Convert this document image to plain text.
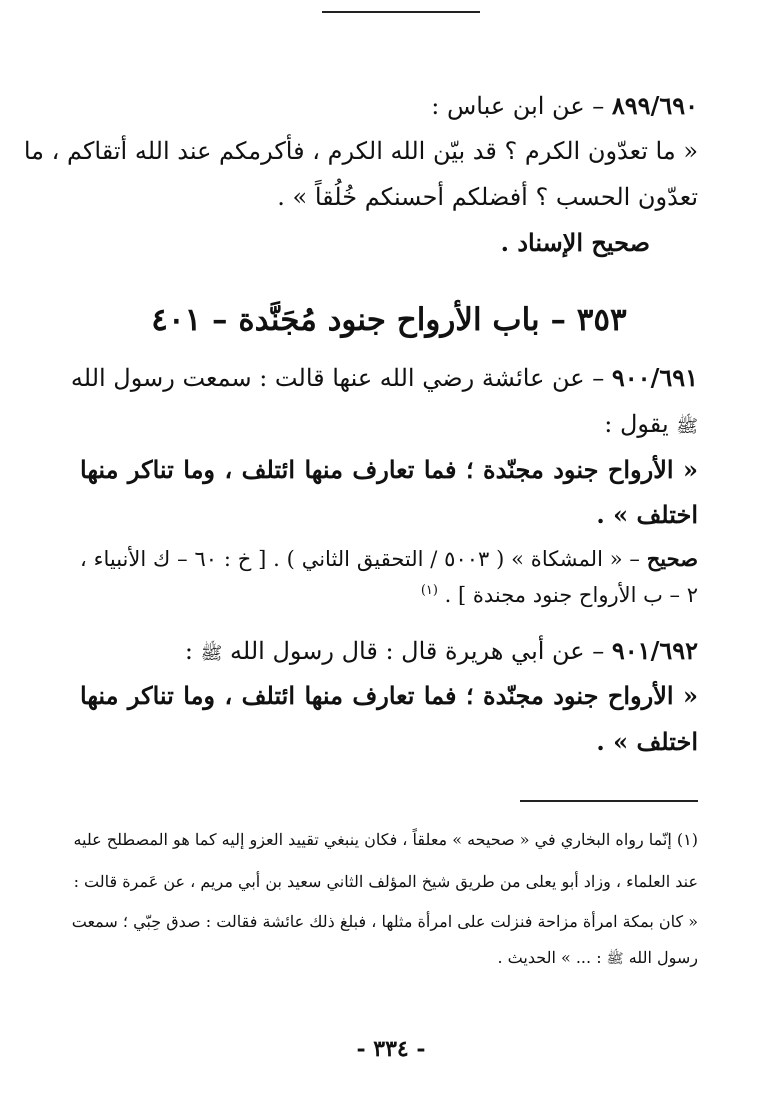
٨٩٩/٦٩٠ – عن ابن عباس :
« ما تعدّون الكرم ؟ قد بيّن الله الكرم ، فأكرمكم عند الله أتقاكم ، ما
تعدّون الحسب ؟ أفضلكم أحسنكم خُلُقاً » .
صحيح الإسناد .
٣٥٣ – باب الأرواح جنود مُجَنَّدة – ٤٠١
٩٠٠/٦٩١ – عن عائشة رضي الله عنها قالت : سمعت رسول الله
ﷺ يقول :
« الأرواح جنود مجنّدة ؛ فما تعارف منها ائتلف ، وما تناكر منها
اختلف » .
صحيح – « المشكاة » ( ٥٠٠٣ / التحقيق الثاني ) . [ خ : ٦٠ – ك الأنبياء ،
٢ – ب الأرواح جنود مجندة ] . $^{(١)}$
٩٠١/٦٩٢ – عن أبي هريرة قال : قال رسول الله ﷺ :
« الأرواح جنود مجنّدة ؛ فما تعارف منها ائتلف ، وما تناكر منها
اختلف » .
(١) إنّما رواه البخاري في « صحيحه » معلقاً ، فكان ينبغي تقييد العزو إليه كما هو المصطلح عليه
عند العلماء ، وزاد أبو يعلى من طريق شيخ المؤلف الثاني سعيد بن أبي مريم ، عن عَمرة قالت :
« كان بمكة امرأة مزاحة فنزلت على امرأة مثلها ، فبلغ ذلك عائشة فقالت : صدق حِبّي ؛ سمعت
رسول الله ﷺ : ... » الحديث .
- ٣٣٤ -
